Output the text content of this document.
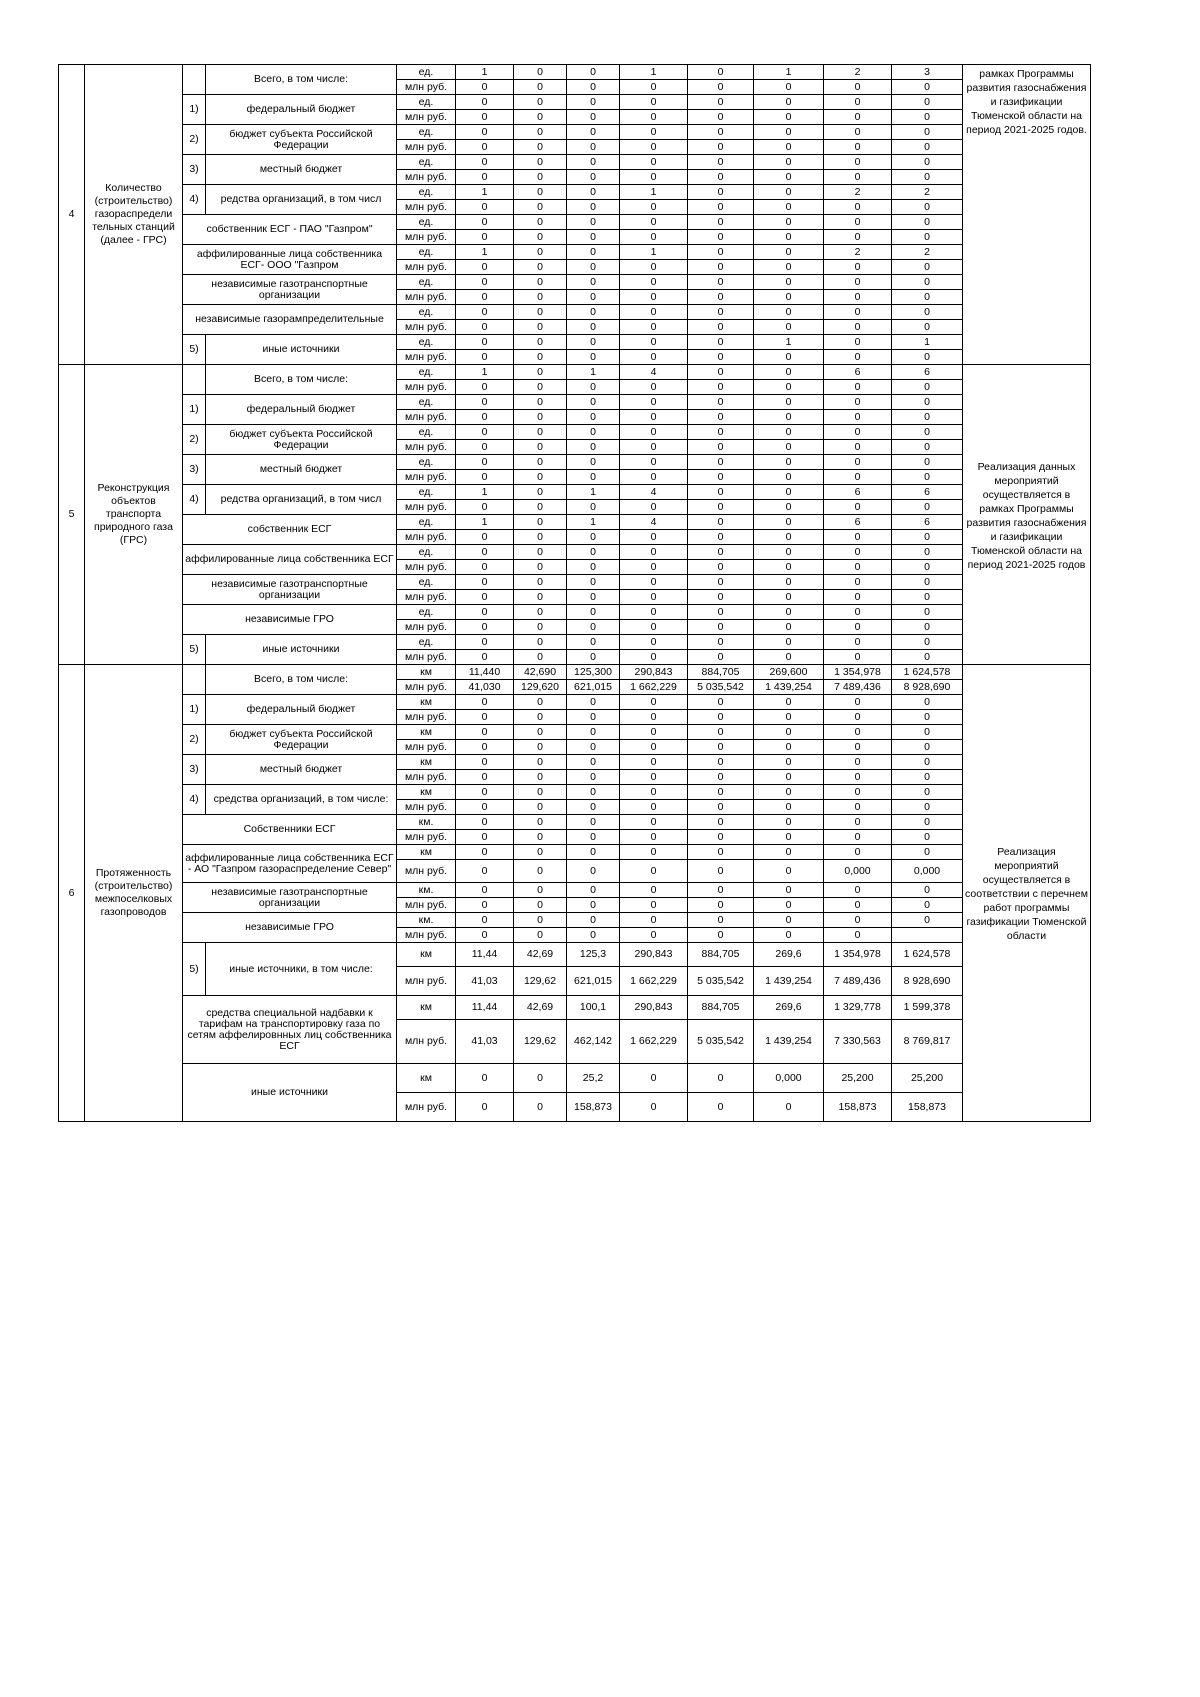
4	Количество (строительство) газораспредели тельных станций (далее - ГРС)		Всего, в том числе:	ед.	1	0	0	1	0	1	2	3	рамках Программы развития газоснабжения и газификации Тюменской области на период 2021-2025 годов.
				млн руб.	0	0	0	0	0	0	0	0	
		1)	федеральный бюджет	ед.	0	0	0	0	0	0	0	0	
				млн руб.	0	0	0	0	0	0	0	0	
		2)	бюджет субъекта Российской Федерации	ед.	0	0	0	0	0	0	0	0	
				млн руб.	0	0	0	0	0	0	0	0	
		3)	местный бюджет	ед.	0	0	0	0	0	0	0	0	
				млн руб.	0	0	0	0	0	0	0	0	
		4)	редства организаций, в том числ	ед.	1	0	0	1	0	0	2	2	
				млн руб.	0	0	0	0	0	0	0	0	
		собственник ЕСГ - ПАО "Газпром"		ед.	0	0	0	0	0	0	0	0	
				млн руб.	0	0	0	0	0	0	0	0	
		аффилированные лица собственника ЕСГ- ООО "Газпром		ед.	1	0	0	1	0	0	2	2	
				млн руб.	0	0	0	0	0	0	0	0	
		независимые газотранспортные организации		ед.	0	0	0	0	0	0	0	0	
				млн руб.	0	0	0	0	0	0	0	0	
		независимые газорампределительные		ед.	0	0	0	0	0	0	0	0	
				млн руб.	0	0	0	0	0	0	0	0	
		5)	иные источники	ед.	0	0	0	0	0	1	0	1	
				млн руб.	0	0	0	0	0	0	0	0	
5	Реконструкция объектов транспорта природного газа (ГРС)		Всего, в том числе:	ед.	1	0	1	4	0	0	6	6	Реализация данных мероприятий осуществляется в рамках Программы развития газоснабжения и газификации Тюменской области на период 2021-2025 годов
				млн руб.	0	0	0	0	0	0	0	0	
		1)	федеральный бюджет	ед.	0	0	0	0	0	0	0	0	
				млн руб.	0	0	0	0	0	0	0	0	
		2)	бюджет субъекта Российской Федерации	ед.	0	0	0	0	0	0	0	0	
				млн руб.	0	0	0	0	0	0	0	0	
		3)	местный бюджет	ед.	0	0	0	0	0	0	0	0	
				млн руб.	0	0	0	0	0	0	0	0	
		4)	редства организаций, в том числ	ед.	1	0	1	4	0	0	6	6	
				млн руб.	0	0	0	0	0	0	0	0	
		собственник ЕСГ		ед.	1	0	1	4	0	0	6	6	
				млн руб.	0	0	0	0	0	0	0	0	
		аффилированные лица собственника ЕСГ		ед.	0	0	0	0	0	0	0	0	
				млн руб.	0	0	0	0	0	0	0	0	
		независимые газотранспортные организации		ед.	0	0	0	0	0	0	0	0	
				млн руб.	0	0	0	0	0	0	0	0	
		независимые ГРО		ед.	0	0	0	0	0	0	0	0	
				млн руб.	0	0	0	0	0	0	0	0	
		5)	иные источники	ед.	0	0	0	0	0	0	0	0	
				млн руб.	0	0	0	0	0	0	0	0	
6	Протяженность (строительство) межпоселковых газопроводов		Всего, в том числе:	км	11,440	42,690	125,300	290,843	884,705	269,600	1 354,978	1 624,578	Реализация мероприятий осуществляется в соответствии с перечнем работ программы газификации Тюменской области
				млн руб.	41,030	129,620	621,015	1 662,229	5 035,542	1 439,254	7 489,436	8 928,690	
		1)	федеральный бюджет	км	0	0	0	0	0	0	0	0	
				млн руб.	0	0	0	0	0	0	0	0	
		2)	бюджет субъекта Российской Федерации	км	0	0	0	0	0	0	0	0	
				млн руб.	0	0	0	0	0	0	0	0	
		3)	местный бюджет	км	0	0	0	0	0	0	0	0	
				млн руб.	0	0	0	0	0	0	0	0	
		4)	средства организаций, в том числе:	км	0	0	0	0	0	0	0	0	
				млн руб.	0	0	0	0	0	0	0	0	
		Собственники ЕСГ		км.	0	0	0	0	0	0	0	0	
				млн руб.	0	0	0	0	0	0	0	0	
		аффилированные лица собственника ЕСГ - АО "Газпром газораспределение Север"		км	0	0	0	0	0	0	0	0	
				млн руб.	0	0	0	0	0	0	0,000	0,000	
		независимые газотранспортные организации		км.	0	0	0	0	0	0	0	0	
				млн руб.	0	0	0	0	0	0	0	0	
		независимые ГРО		км.	0	0	0	0	0	0	0	0	
				млн руб.	0	0	0	0	0	0	0		
		5)	иные источники, в том числе:	км	11,44	42,69	125,3	290,843	884,705	269,6	1 354,978	1 624,578	
				млн руб.	41,03	129,62	621,015	1 662,229	5 035,542	1 439,254	7 489,436	8 928,690	
		средства специальной надбавки к тарифам на транспортировку газа по сетям аффелировнных лиц собственника ЕСГ		км	11,44	42,69	100,1	290,843	884,705	269,6	1 329,778	1 599,378	
				млн руб.	41,03	129,62	462,142	1 662,229	5 035,542	1 439,254	7 330,563	8 769,817	
		иные источники		км	0	0	25,2	0	0	0,000	25,200	25,200	
				млн руб.	0	0	158,873	0	0	0	158,873	158,873	
